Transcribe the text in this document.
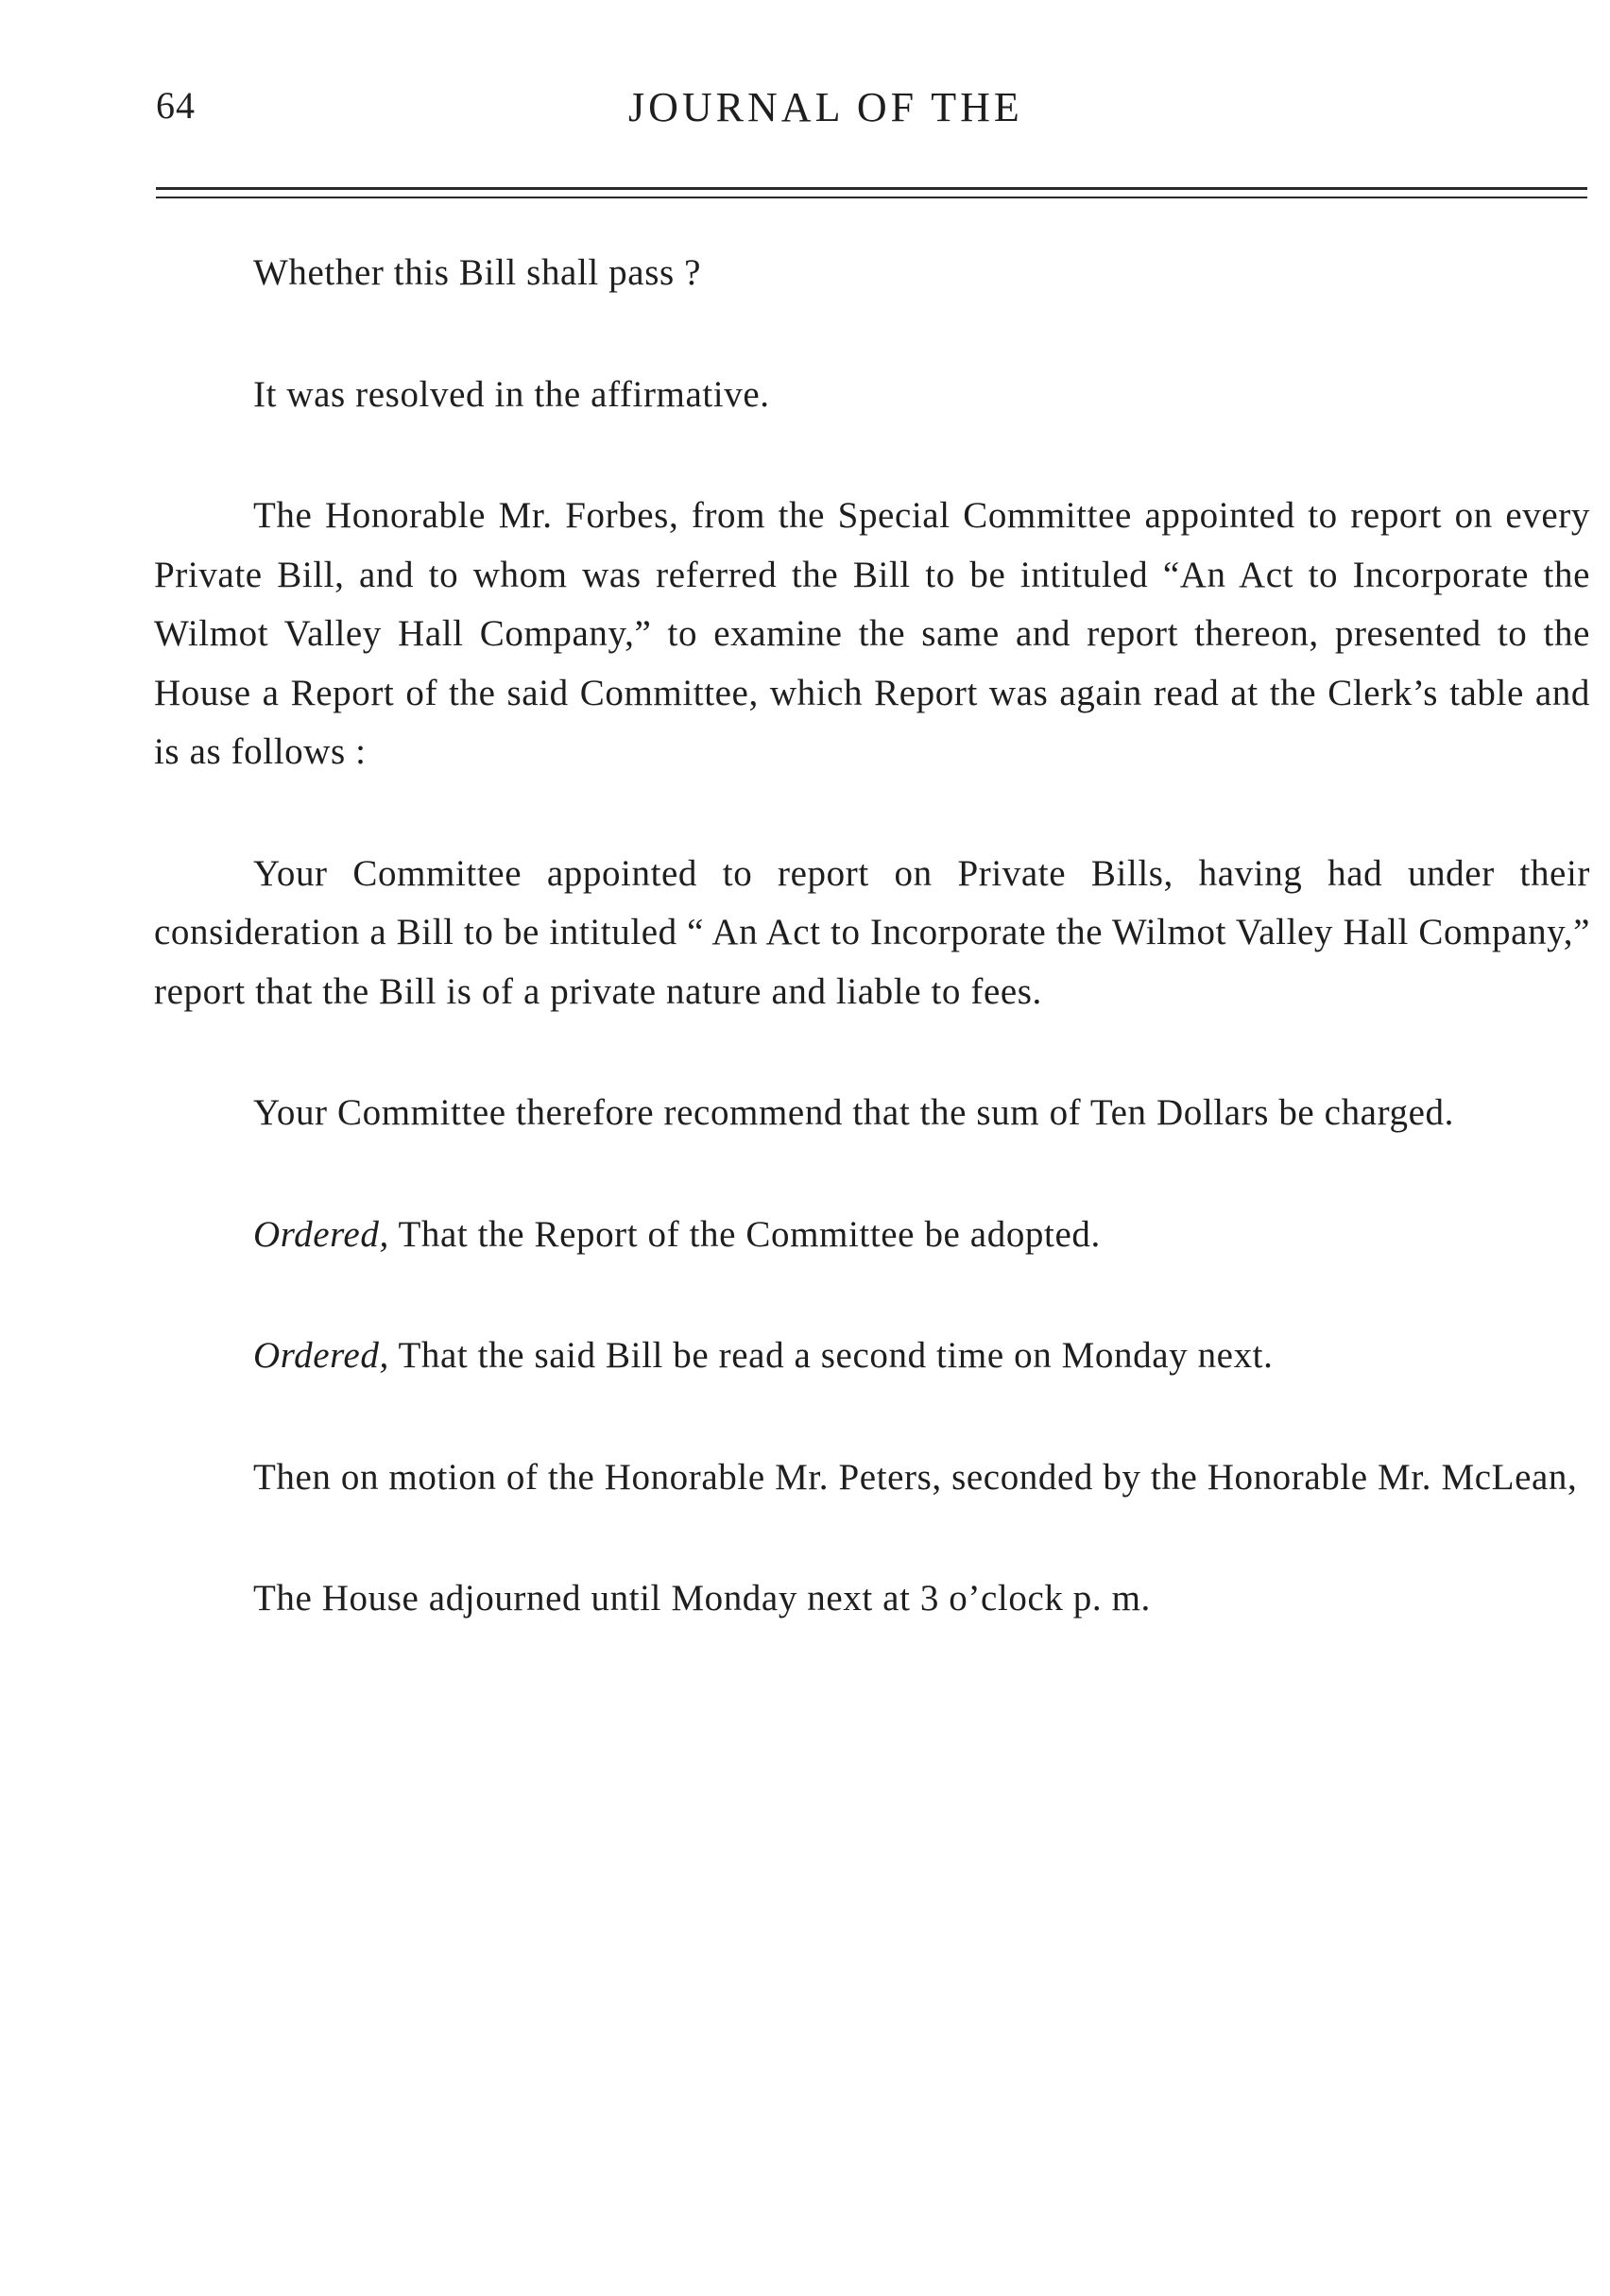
64	JOURNAL OF THE

Whether this Bill shall pass ?

It was resolved in the affirmative.

The Honorable Mr. Forbes, from the Special Committee appointed to report on every Private Bill, and to whom was referred the Bill to be intituled “An Act to Incorporate the Wilmot Valley Hall Company,” to examine the same and report thereon, presented to the House a Report of the said Committee, which Report was again read at the Clerk’s table and is as follows :

Your Committee appointed to report on Private Bills, having had under their consideration a Bill to be intituled “ An Act to Incorporate the Wilmot Valley Hall Company,” report that the Bill is of a private nature and liable to fees.

Your Committee therefore recommend that the sum of Ten Dollars be charged.

Ordered, That the Report of the Committee be adopted.

Ordered, That the said Bill be read a second time on Monday next.

Then on motion of the Honorable Mr. Peters, seconded by the Honorable Mr. McLean,

The House adjourned until Monday next at 3 o’clock p. m.
